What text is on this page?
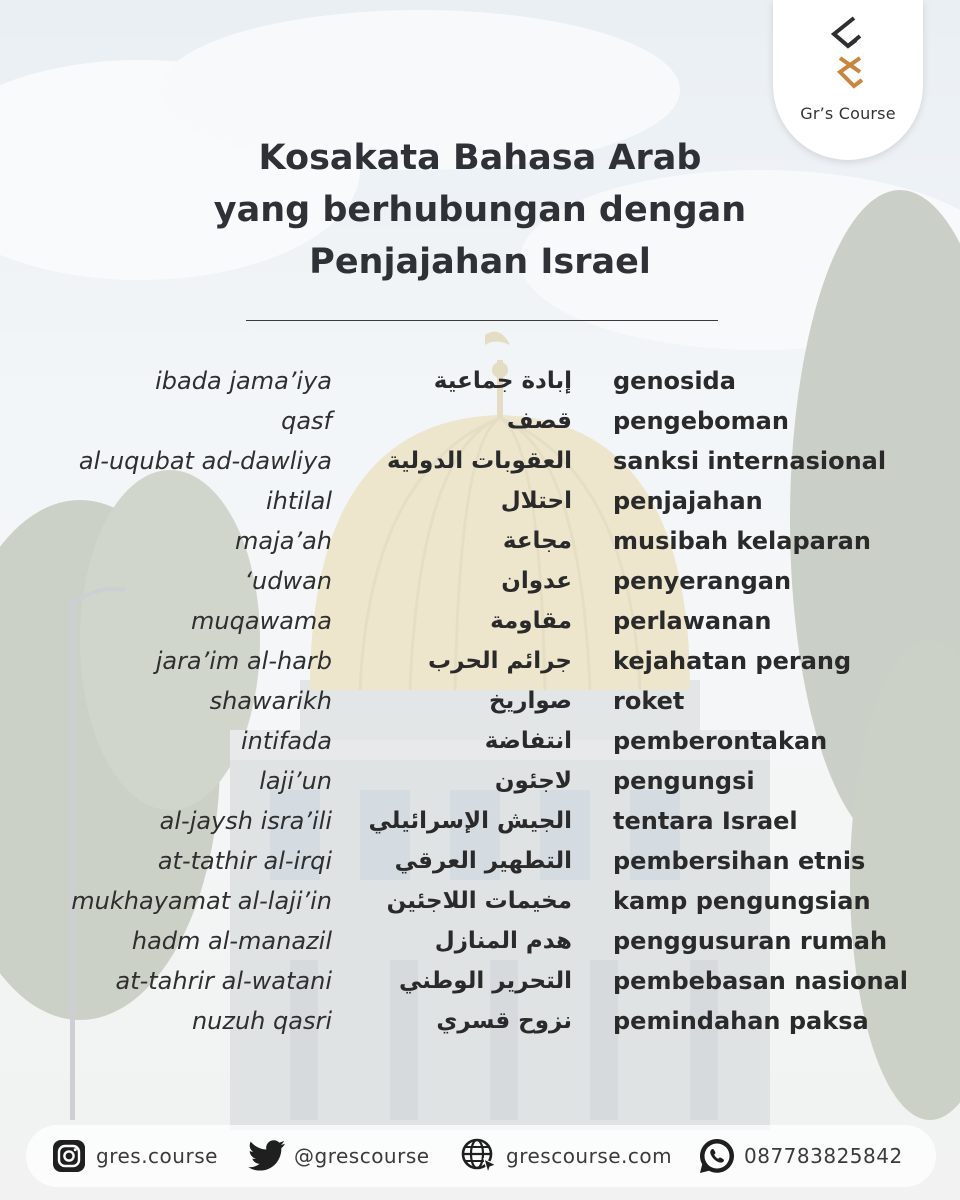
Gr’s Course
Kosakata Bahasa Arab
yang berhubungan dengan
Penjajahan Israel
ibada jama’iya	إبادة جماعية genosida
qasf	قصف pengeboman
al-uqubat ad-dawliya العقوبات الدولية sanksi internasional
ihtilal	احتلال penjajahan
maja’ah	مجاعة musibah kelaparan
‘udwan	عدوان penyerangan
muqawama	مقاومة perlawanan
jara’im al-harb	جرائم الحرب kejahatan perang
shawarikh	صواريخ roket
intifada	انتفاضة pemberontakan
laji’un	لاجئون pengungsi
al-jaysh isra’ili الجيش الإسرائيلي tentara Israel
at-tathir al-irqi	التطهير العرقي pembersihan etnis
mukhayamat al-laji’in مخيمات اللاجئين kamp pengungsian
hadm al-manazil	هدم المنازل penggusuran rumah
at-tahrir al-watani	التحرير الوطني pembebasan nasional
nuzuh qasri	نزوح قسري pemindahan paksa
gres.course	@grescourse	grescourse.com	087783825842
